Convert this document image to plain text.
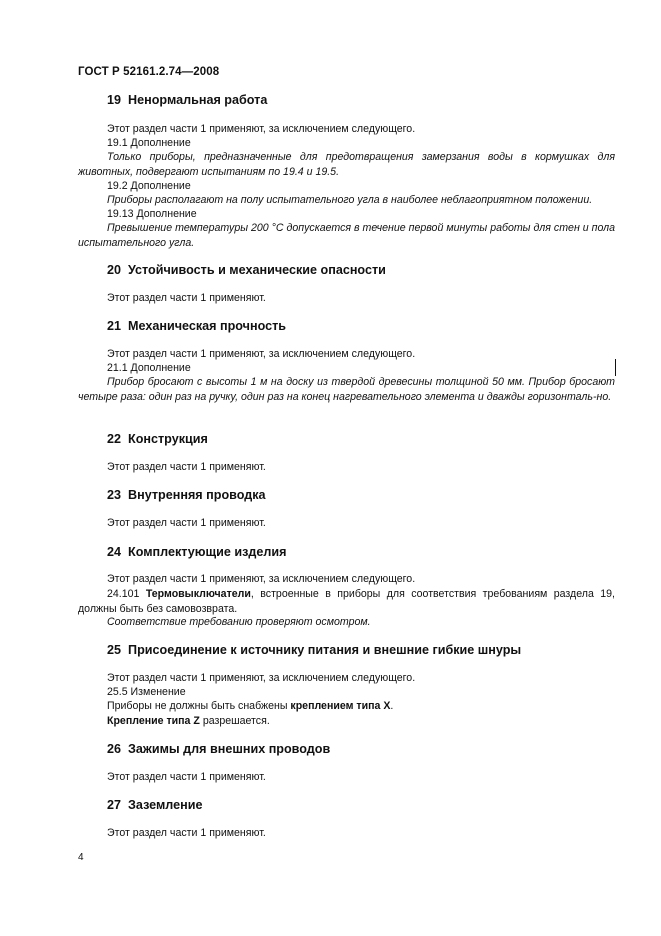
ГОСТ Р 52161.2.74—2008
19 Ненормальная работа
Этот раздел части 1 применяют, за исключением следующего.
19.1 Дополнение
Только приборы, предназначенные для предотвращения замерзания воды в кормушках для животных, подвергают испытаниям по 19.4 и 19.5.
19.2 Дополнение
Приборы располагают на полу испытательного угла в наиболее неблагоприятном положении.
19.13 Дополнение
Превышение температуры 200 °С допускается в течение первой минуты работы для стен и пола испытательного угла.
20 Устойчивость и механические опасности
Этот раздел части 1 применяют.
21 Механическая прочность
Этот раздел части 1 применяют, за исключением следующего.
21.1 Дополнение
Прибор бросают с высоты 1 м на доску из твердой древесины толщиной 50 мм. Прибор бросают четыре раза: один раз на ручку, один раз на конец нагревательного элемента и дважды горизонталь-но.
22 Конструкция
Этот раздел части 1 применяют.
23 Внутренняя проводка
Этот раздел части 1 применяют.
24 Комплектующие изделия
Этот раздел части 1 применяют, за исключением следующего.
24.101 Термовыключатели, встроенные в приборы для соответствия требованиям раздела 19, должны быть без самовозврата.
Соответствие требованию проверяют осмотром.
25 Присоединение к источнику питания и внешние гибкие шнуры
Этот раздел части 1 применяют, за исключением следующего.
25.5 Изменение
Приборы не должны быть снабжены креплением типа X.
Крепление типа Z разрешается.
26 Зажимы для внешних проводов
Этот раздел части 1 применяют.
27 Заземление
Этот раздел части 1 применяют.
4
